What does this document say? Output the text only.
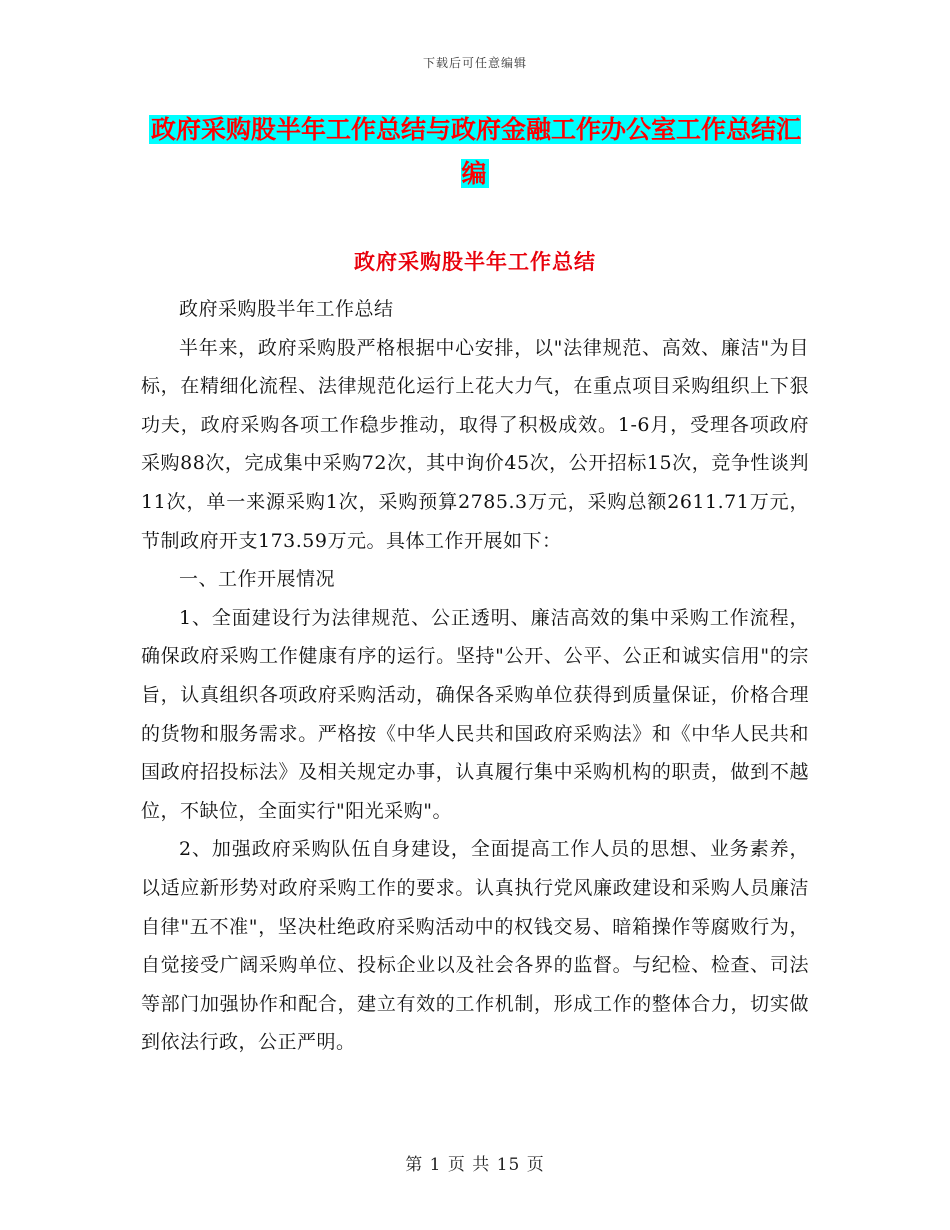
下载后可任意编辑
政府采购股半年工作总结与政府金融工作办公室工作总结汇编
政府采购股半年工作总结

政府采购股半年工作总结

半年来，政府采购股严格根据中心安排，以"法律规范、高效、廉洁"为目标，在精细化流程、法律规范化运行上花大力气，在重点项目采购组织上下狠功夫，政府采购各项工作稳步推动，取得了积极成效。1-6月，受理各项政府采购88次，完成集中采购72次，其中询价45次，公开招标15次，竞争性谈判11次，单一来源采购1次，采购预算2785.3万元，采购总额2611.71万元，节制政府开支173.59万元。具体工作开展如下：

一、工作开展情况

1、全面建设行为法律规范、公正透明、廉洁高效的集中采购工作流程，确保政府采购工作健康有序的运行。坚持"公开、公平、公正和诚实信用"的宗旨，认真组织各项政府采购活动，确保各采购单位获得到质量保证，价格合理的货物和服务需求。严格按《中华人民共和国政府采购法》和《中华人民共和国政府招投标法》及相关规定办事，认真履行集中采购机构的职责，做到不越位，不缺位，全面实行"阳光采购"。

2、加强政府采购队伍自身建设，全面提高工作人员的思想、业务素养，以适应新形势对政府采购工作的要求。认真执行党风廉政建设和采购人员廉洁自律"五不准"，坚决杜绝政府采购活动中的权钱交易、暗箱操作等腐败行为，自觉接受广阔采购单位、投标企业以及社会各界的监督。与纪检、检查、司法等部门加强协作和配合，建立有效的工作机制，形成工作的整体合力，切实做到依法行政，公正严明。

第 1 页 共 15 页
